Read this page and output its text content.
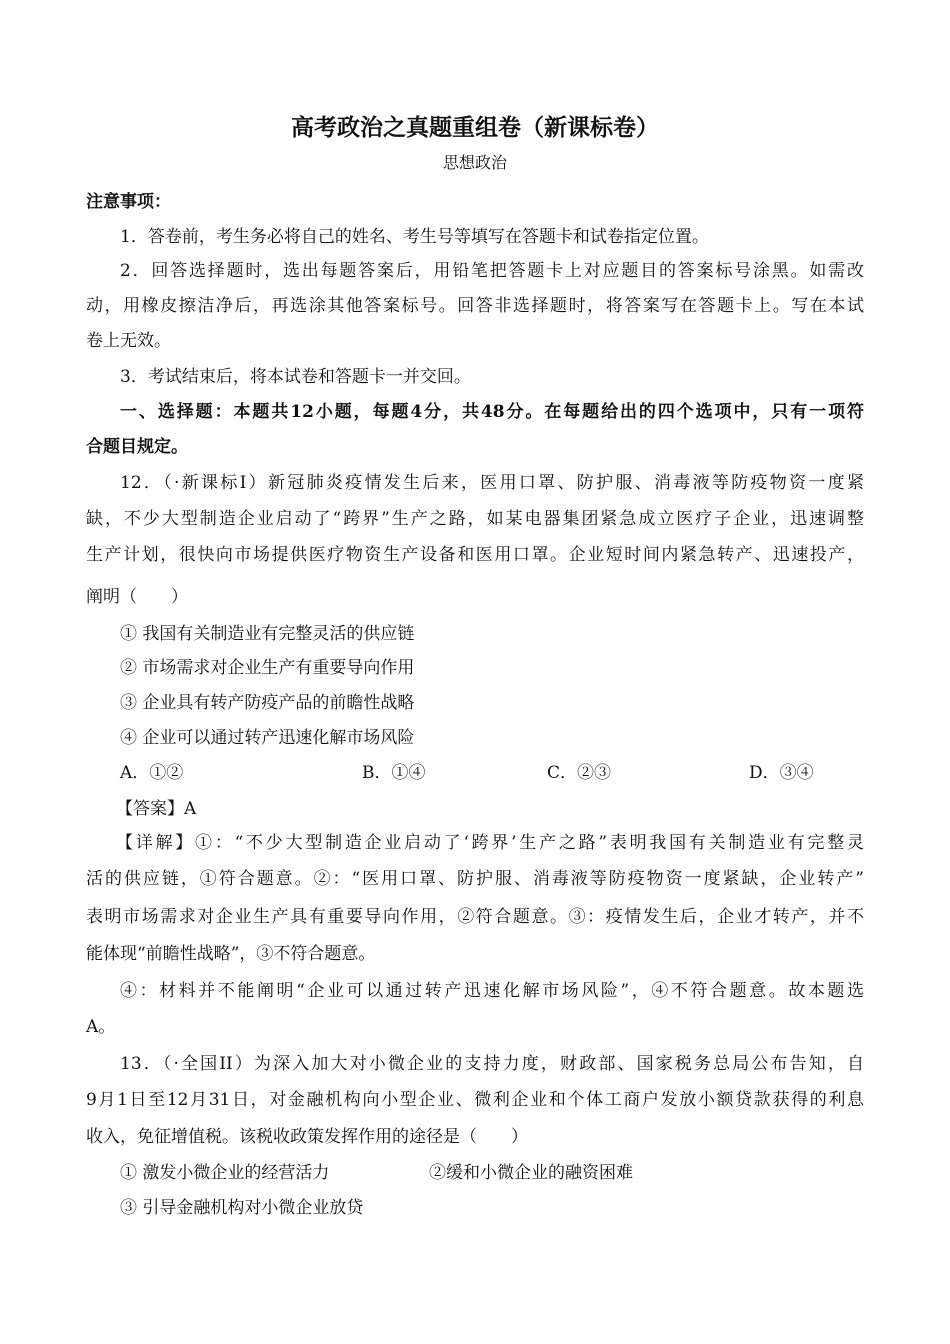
高考政治之真题重组卷（新课标卷）
思想政治
注意事项：
1．答卷前，考生务必将自己的姓名、考生号等填写在答题卡和试卷指定位置。
2．回答选择题时，选出每题答案后，用铅笔把答题卡上对应题目的答案标号涂黑。如需改
动，用橡皮擦洁净后，再选涂其他答案标号。回答非选择题时，将答案写在答题卡上。写在本试
卷上无效。
3．考试结束后，将本试卷和答题卡一并交回。
一、选择题：本题共12小题，每题4分，共48分。在每题给出的四个选项中，只有一项符
合题目规定。
12．（·新课标I）新冠肺炎疫情发生后来，医用口罩、防护服、消毒液等防疫物资一度紧
缺，不少大型制造企业启动了“跨界”生产之路，如某电器集团紧急成立医疗子企业，迅速调整
生产计划，很快向市场提供医疗物资生产设备和医用口罩。企业短时间内紧急转产、迅速投产，
阐明（　　）
① 我国有关制造业有完整灵活的供应链
② 市场需求对企业生产有重要导向作用
③ 企业具有转产防疫产品的前瞻性战略
④ 企业可以通过转产迅速化解市场风险
A．①②	B．①④	C．②③	D．③④
【答案】A
【详解】①：“不少大型制造企业启动了‘跨界’生产之路”表明我国有关制造业有完整灵
活的供应链，①符合题意。②：“医用口罩、防护服、消毒液等防疫物资一度紧缺，企业转产”
表明市场需求对企业生产具有重要导向作用，②符合题意。③：疫情发生后，企业才转产，并不
能体现“前瞻性战略”，③不符合题意。
④：材料并不能阐明“企业可以通过转产迅速化解市场风险”，④不符合题意。故本题选
A。
13．（·全国II）为深入加大对小微企业的支持力度，财政部、国家税务总局公布告知，自
9月1日至12月31日，对金融机构向小型企业、微利企业和个体工商户发放小额贷款获得的利息
收入，免征增值税。该税收政策发挥作用的途径是（　　）
① 激发小微企业的经营活力	②缓和小微企业的融资困难
③ 引导金融机构对小微企业放贷
